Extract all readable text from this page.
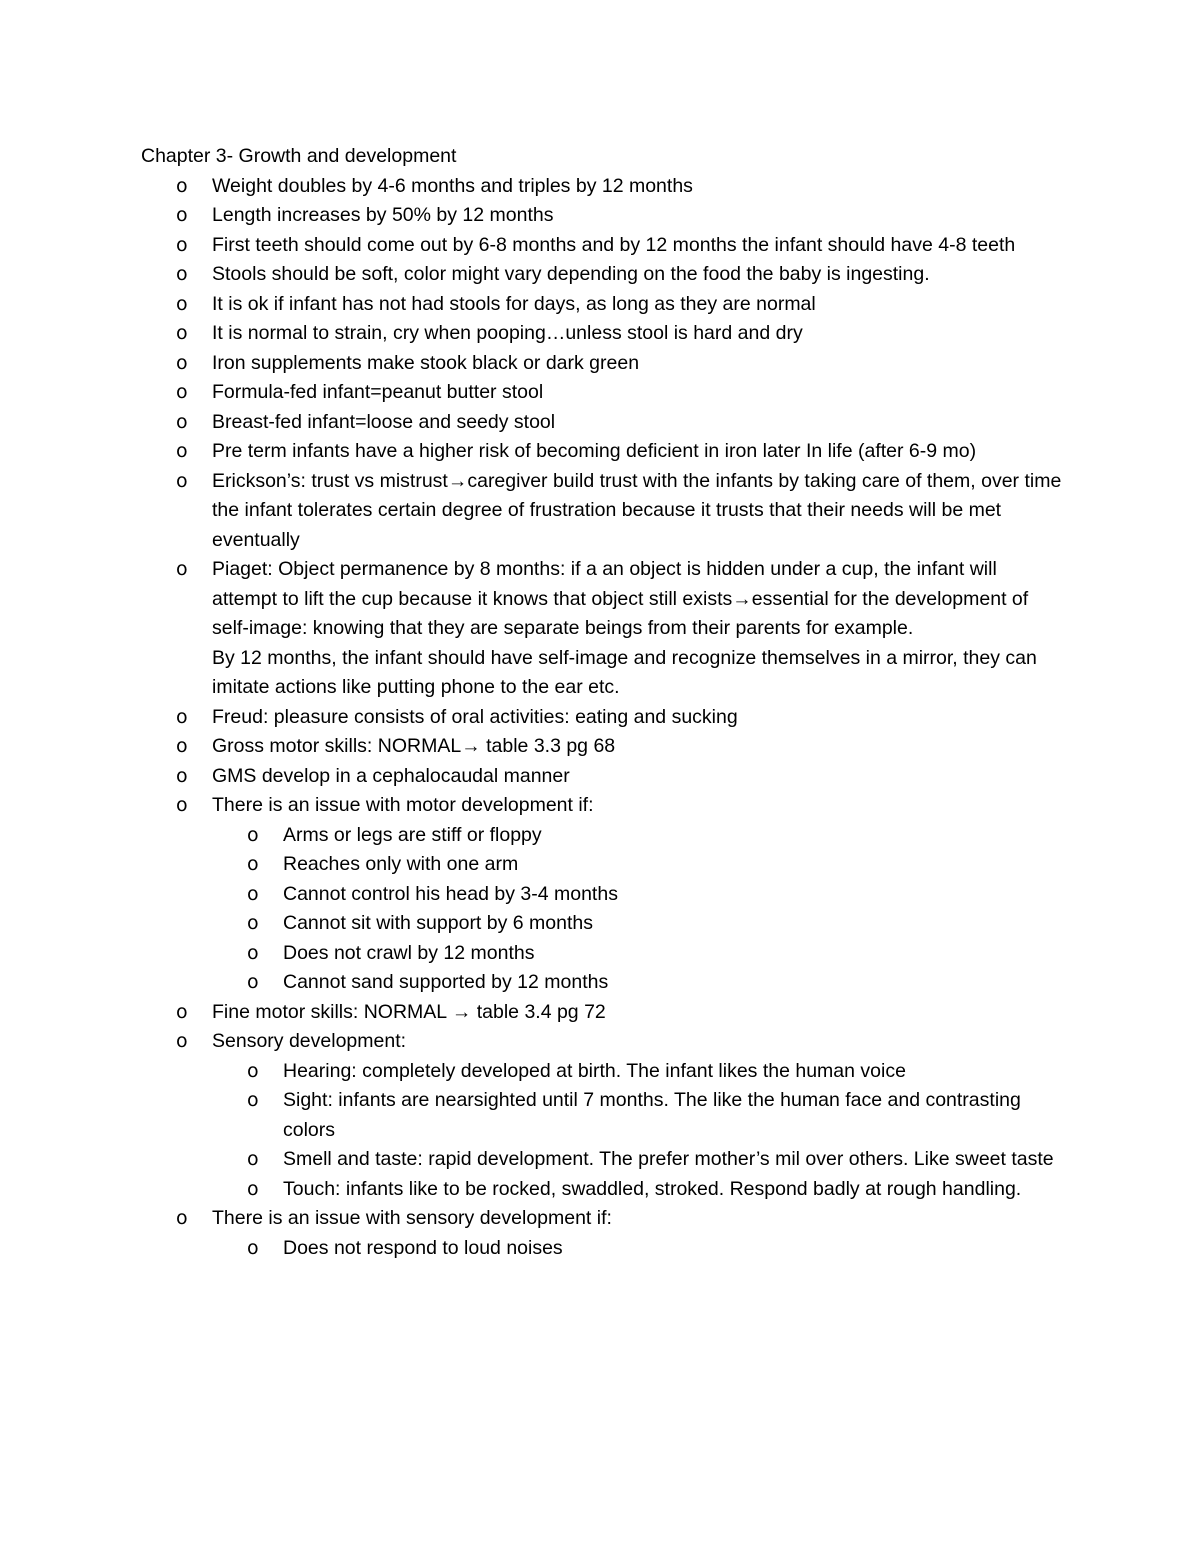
Chapter 3- Growth and development
o	Weight doubles by 4-6 months and triples by 12 months
o	Length increases by 50% by 12 months
o	First teeth should come out by 6-8 months and by 12 months the infant should have 4-8 teeth
o	Stools should be soft, color might vary depending on the food the baby is ingesting.
o	It is ok if infant has not had stools for days, as long as they are normal
o	It is normal to strain, cry when pooping…unless stool is hard and dry
o	Iron supplements make stook black or dark green
o	Formula-fed infant=peanut butter stool
o	Breast-fed infant=loose and seedy stool
o	Pre term infants have a higher risk of becoming deficient in iron later In life (after 6-9 mo)
o	Erickson’s: trust vs mistrust→caregiver build trust with the infants by taking care of them, over time the infant tolerates certain degree of frustration because it trusts that their needs will be met eventually
o	Piaget: Object permanence by 8 months: if a an object is hidden under a cup, the infant will attempt to lift the cup because it knows that object still exists→essential for the development of self-image: knowing that they are separate beings from their parents for example.
By 12 months, the infant should have self-image and recognize themselves in a mirror, they can imitate actions like putting phone to the ear etc.
o	Freud: pleasure consists of oral activities: eating and sucking
o	Gross motor skills: NORMAL→ table 3.3 pg 68
o	GMS develop in a cephalocaudal manner
o	There is an issue with motor development if:
o	Arms or legs are stiff or floppy
o	Reaches only with one arm
o	Cannot control his head by 3-4 months
o	Cannot sit with support by 6 months
o	Does not crawl by 12 months
o	Cannot sand supported by 12 months
o	Fine motor skills: NORMAL → table 3.4 pg 72
o	Sensory development:
o	Hearing: completely developed at birth. The infant likes the human voice
o	Sight: infants are nearsighted until 7 months. The like the human face and contrasting colors
o	Smell and taste: rapid development. The prefer mother’s mil over others. Like sweet taste
o	Touch: infants like to be rocked, swaddled, stroked. Respond badly at rough handling.
o	There is an issue with sensory development if:
o	Does not respond to loud noises
